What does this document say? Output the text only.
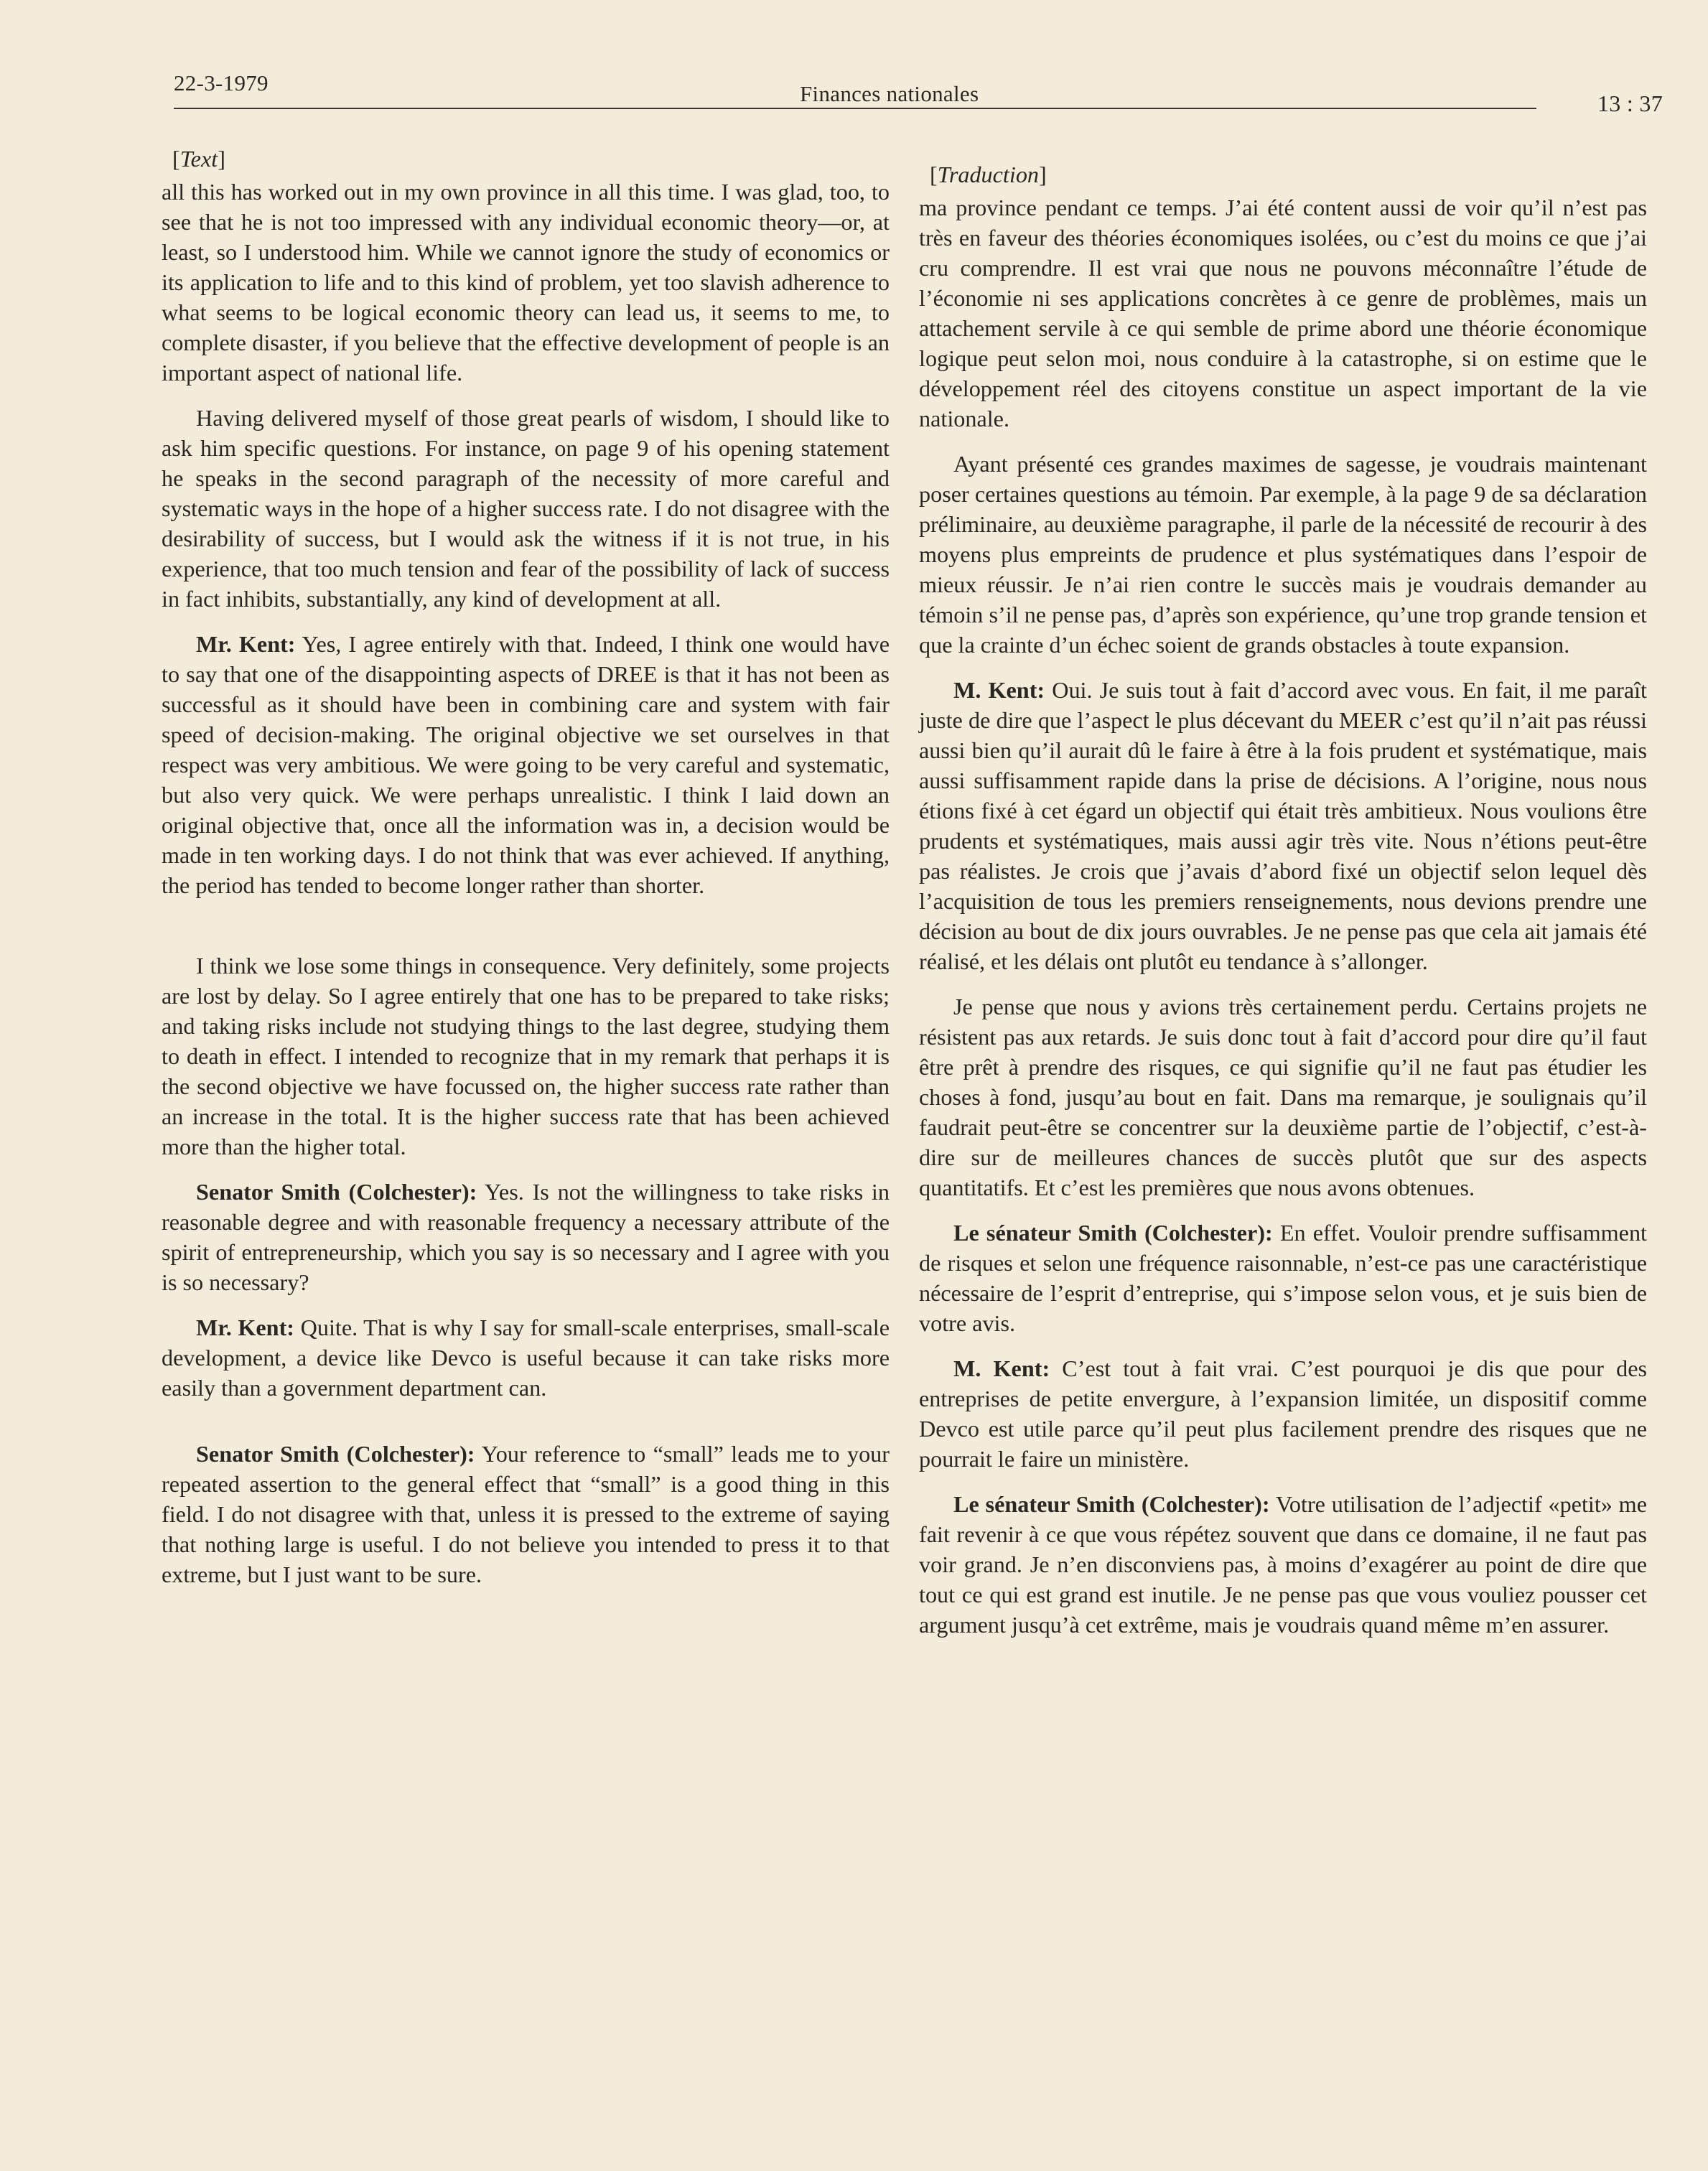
22-3-1979	Finances nationales	13 : 37
[Text]

all this has worked out in my own province in all this time. I was glad, too, to see that he is not too impressed with any individual economic theory—or, at least, so I understood him. While we cannot ignore the study of economics or its application to life and to this kind of problem, yet too slavish adherence to what seems to be logical economic theory can lead us, it seems to me, to complete disaster, if you believe that the effective development of people is an important aspect of national life.

Having delivered myself of those great pearls of wisdom, I should like to ask him specific questions. For instance, on page 9 of his opening statement he speaks in the second paragraph of the necessity of more careful and systematic ways in the hope of a higher success rate. I do not disagree with the desirability of success, but I would ask the witness if it is not true, in his experience, that too much tension and fear of the possibility of lack of success in fact inhibits, substantially, any kind of development at all.

Mr. Kent: Yes, I agree entirely with that. Indeed, I think one would have to say that one of the disappointing aspects of DREE is that it has not been as successful as it should have been in combining care and system with fair speed of decision-making. The original objective we set ourselves in that respect was very ambitious. We were going to be very careful and systematic, but also very quick. We were perhaps unrealistic. I think I laid down an original objective that, once all the information was in, a decision would be made in ten working days. I do not think that was ever achieved. If anything, the period has tended to become longer rather than shorter.

I think we lose some things in consequence. Very definitely, some projects are lost by delay. So I agree entirely that one has to be prepared to take risks; and taking risks include not studying things to the last degree, studying them to death in effect. I intended to recognize that in my remark that perhaps it is the second objective we have focussed on, the higher success rate rather than an increase in the total. It is the higher success rate that has been achieved more than the higher total.

Senator Smith (Colchester): Yes. Is not the willingness to take risks in reasonable degree and with reasonable frequency a necessary attribute of the spirit of entrepreneurship, which you say is so necessary and I agree with you is so necessary?

Mr. Kent: Quite. That is why I say for small-scale enterprises, small-scale development, a device like Devco is useful because it can take risks more easily than a government department can.

Senator Smith (Colchester): Your reference to “small” leads me to your repeated assertion to the general effect that “small” is a good thing in this field. I do not disagree with that, unless it is pressed to the extreme of saying that nothing large is useful. I do not believe you intended to press it to that extreme, but I just want to be sure.

[Traduction]

ma province pendant ce temps. J’ai été content aussi de voir qu’il n’est pas très en faveur des théories économiques isolées, ou c’est du moins ce que j’ai cru comprendre. Il est vrai que nous ne pouvons méconnaître l’étude de l’économie ni ses applications concrètes à ce genre de problèmes, mais un attachement servile à ce qui semble de prime abord une théorie économique logique peut selon moi, nous conduire à la catastrophe, si on estime que le développement réel des citoyens constitue un aspect important de la vie nationale.

Ayant présenté ces grandes maximes de sagesse, je voudrais maintenant poser certaines questions au témoin. Par exemple, à la page 9 de sa déclaration préliminaire, au deuxième paragraphe, il parle de la nécessité de recourir à des moyens plus empreints de prudence et plus systématiques dans l’espoir de mieux réussir. Je n’ai rien contre le succès mais je voudrais demander au témoin s’il ne pense pas, d’après son expérience, qu’une trop grande tension et que la crainte d’un échec soient de grands obstacles à toute expansion.

M. Kent: Oui. Je suis tout à fait d’accord avec vous. En fait, il me paraît juste de dire que l’aspect le plus décevant du MEER c’est qu’il n’ait pas réussi aussi bien qu’il aurait dû le faire à être à la fois prudent et systématique, mais aussi suffisamment rapide dans la prise de décisions. A l’origine, nous nous étions fixé à cet égard un objectif qui était très ambitieux. Nous voulions être prudents et systématiques, mais aussi agir très vite. Nous n’étions peut-être pas réalistes. Je crois que j’avais d’abord fixé un objectif selon lequel dès l’acquisition de tous les premiers renseignements, nous devions prendre une décision au bout de dix jours ouvrables. Je ne pense pas que cela ait jamais été réalisé, et les délais ont plutôt eu tendance à s’allonger.

Je pense que nous y avions très certainement perdu. Certains projets ne résistent pas aux retards. Je suis donc tout à fait d’accord pour dire qu’il faut être prêt à prendre des risques, ce qui signifie qu’il ne faut pas étudier les choses à fond, jusqu’au bout en fait. Dans ma remarque, je soulignais qu’il faudrait peut-être se concentrer sur la deuxième partie de l’objectif, c’est-à-dire sur de meilleures chances de succès plutôt que sur des aspects quantitatifs. Et c’est les premières que nous avons obtenues.

Le sénateur Smith (Colchester): En effet. Vouloir prendre suffisamment de risques et selon une fréquence raisonnable, n’est-ce pas une caractéristique nécessaire de l’esprit d’entreprise, qui s’impose selon vous, et je suis bien de votre avis.

M. Kent: C’est tout à fait vrai. C’est pourquoi je dis que pour des entreprises de petite envergure, à l’expansion limitée, un dispositif comme Devco est utile parce qu’il peut plus facilement prendre des risques que ne pourrait le faire un ministère.

Le sénateur Smith (Colchester): Votre utilisation de l’adjectif «petit» me fait revenir à ce que vous répétez souvent que dans ce domaine, il ne faut pas voir grand. Je n’en disconviens pas, à moins d’exagérer au point de dire que tout ce qui est grand est inutile. Je ne pense pas que vous vouliez pousser cet argument jusqu’à cet extrême, mais je voudrais quand même m’en assurer.
